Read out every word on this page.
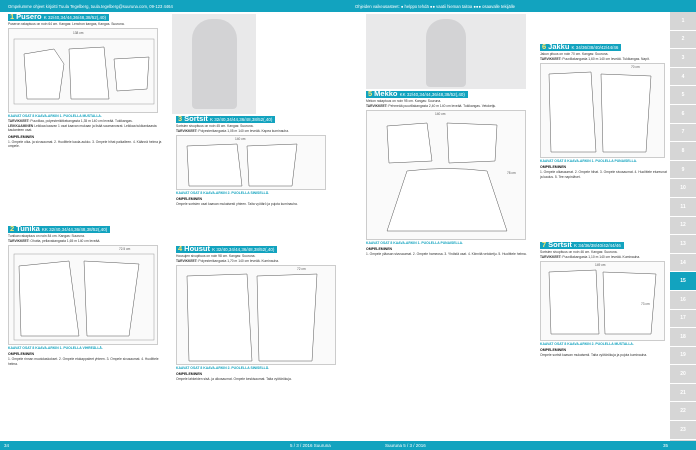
Ompelumme ohjeet kirjoitti Tuula Tegelberg, tuula.tegelberg@suuruna.com, 09-123 4464	Ohjeiden vaikeusasteet: ● helppo tehdä ●● vaatii hieman taitoa ●●● osaavalle tekijälle
1 Pusero K 32/40,34/44,36/48,38/52(,40)

Puseron rakaptuus on noin 64 cm. Kangas: Lenchon kangas, Kangas. Suuruna.

138 cm
KAAVAT OSAT 8 KAAVA-ARKIN 1. PUOLELLA MUSTALLA.

TARVIKKEET: Puuvillaa, polyesterikitkekangasta 1,35 m 140 cm leveää. Tukikangas.

LEIKKAAMINEN Leikkaa kaavan 1 osat kaavan mukaan ja lisää saumanvarat. Leikkaa tukikankaasta kaulanteen osat.

OMPELEMINEN

1. Ompele olka- ja sivusaumat. 2. Huolittele kaula-aukko. 3. Ompele hihat paikalleen. 4. Käännä helma ja ompele.

2 Tunika KK 32/40,34/44,36/48,38/52(,40)

Tunikan rakaptuus on noin 84 cm. Kangas: Suuruna.

TARVIKKEET: Ohutta, pellavakangasta 1,65 m 140 cm leveää.

72.5 cm
KAAVAT OSAT 8 KAAVA-ARKIN 1. PUOLELLA VIHREÄLLÄ.
OMPELEMINEN

1. Ompele rinnan muotolaskokset. 2. Ompele etukappaleet yhteen. 3. Ompele sivusaumat. 4. Huolittele helma.

3 Sortsit K 32/40,34/44,36/48,38/52(,40)

Sortsien sivupituus on noin 45 cm. Kangas: Suuruna.

TARVIKKEET: Polyesterikangasta 1,05 m 140 cm leveää. Kapea kuminauha.

140 cm
KAAVAT OSAT 8 KAAVA-ARKIN 2. PUOLELLA SINISELLÄ.
OMPELEMINEN

Ompele sortsien osat kaavan mukaisesti yhteen. Taita vyötärö ja pujota kuminauha.

4 Housut K 32/40,34/44,36/48,38/52(,40)

Housujen sivupituus on noin 98 cm. Kangas: Suuruna.

TARVIKKEET: Polyesterikangasta 1,70 m 140 cm leveää. Kuminauha.

72 cm
KAAVAT OSAT 8 KAAVA-ARKIN 2. PUOLELLA SINISELLÄ.
OMPELEMINEN

Ompele lahkeiden sisä- ja ulkosaumat. Ompele keskisaumat. Taita vyötärökuja.

5 Mekko KK 32/40,34/44,36/48,38/52(,40)

Mekon rakaptuus on noin 95 cm. Kangas: Suuruna.

TARVIKKEET: Pehmeää puuvillakangasta 2,40 m 140 cm leveää. Tukikangas. Vetoketju.

140 cm
78 cm
KAAVAT OSAT 8 KAAVA-ARKIN 1. PUOLELLA PUNAISELLA.
OMPELEMINEN

1. Ompele yläosan sivusaumat. 2. Ompele hameosa. 3. Yhdistä osat. 4. Kiinnitä vetoketju. 5. Huolittele helma.

6 Jakku K 34/36/38/40/42/44/46

Jakun pituus on noin 70 cm. Kangas: Suuruna.

TARVIKKEET: Puuvillakangasta 1,60 m 140 cm leveää. Tukikangas. Napit.

70 cm
KAAVAT OSAT 8 KAAVA-ARKIN 1. PUOLELLA PUNAISELLA.
OMPELEMINEN

1. Ompele olkasaumat. 2. Ompele hihat. 3. Ompele sivusaumat. 4. Huolittele etureunat ja kaulus. 5. Tee napinlävet.

7 Sortsit K 34/36/38/40/42/44/46

Sortsien sivupituus on noin 46 cm. Kangas: Suuruna.

TARVIKKEET: Puuvillakangasta 1,10 m 140 cm leveää. Kuminauha.

149 cm
73 cm
KAAVAT OSAT 8 KAAVA-ARKIN 2. PUOLELLA MUSTALLA.
OMPELEMINEN

Ompele sortsit kaavan mukaisesti. Taita vyötärökuja ja pujota kuminauha.

1
2
3
4
5
6
7
8
9
10
11
12
13
14
15
16
17
18
19
20
21
22
23
34	5 / 3 / 2016 Suuruna	Suuruna 5 / 3 / 2016	35
